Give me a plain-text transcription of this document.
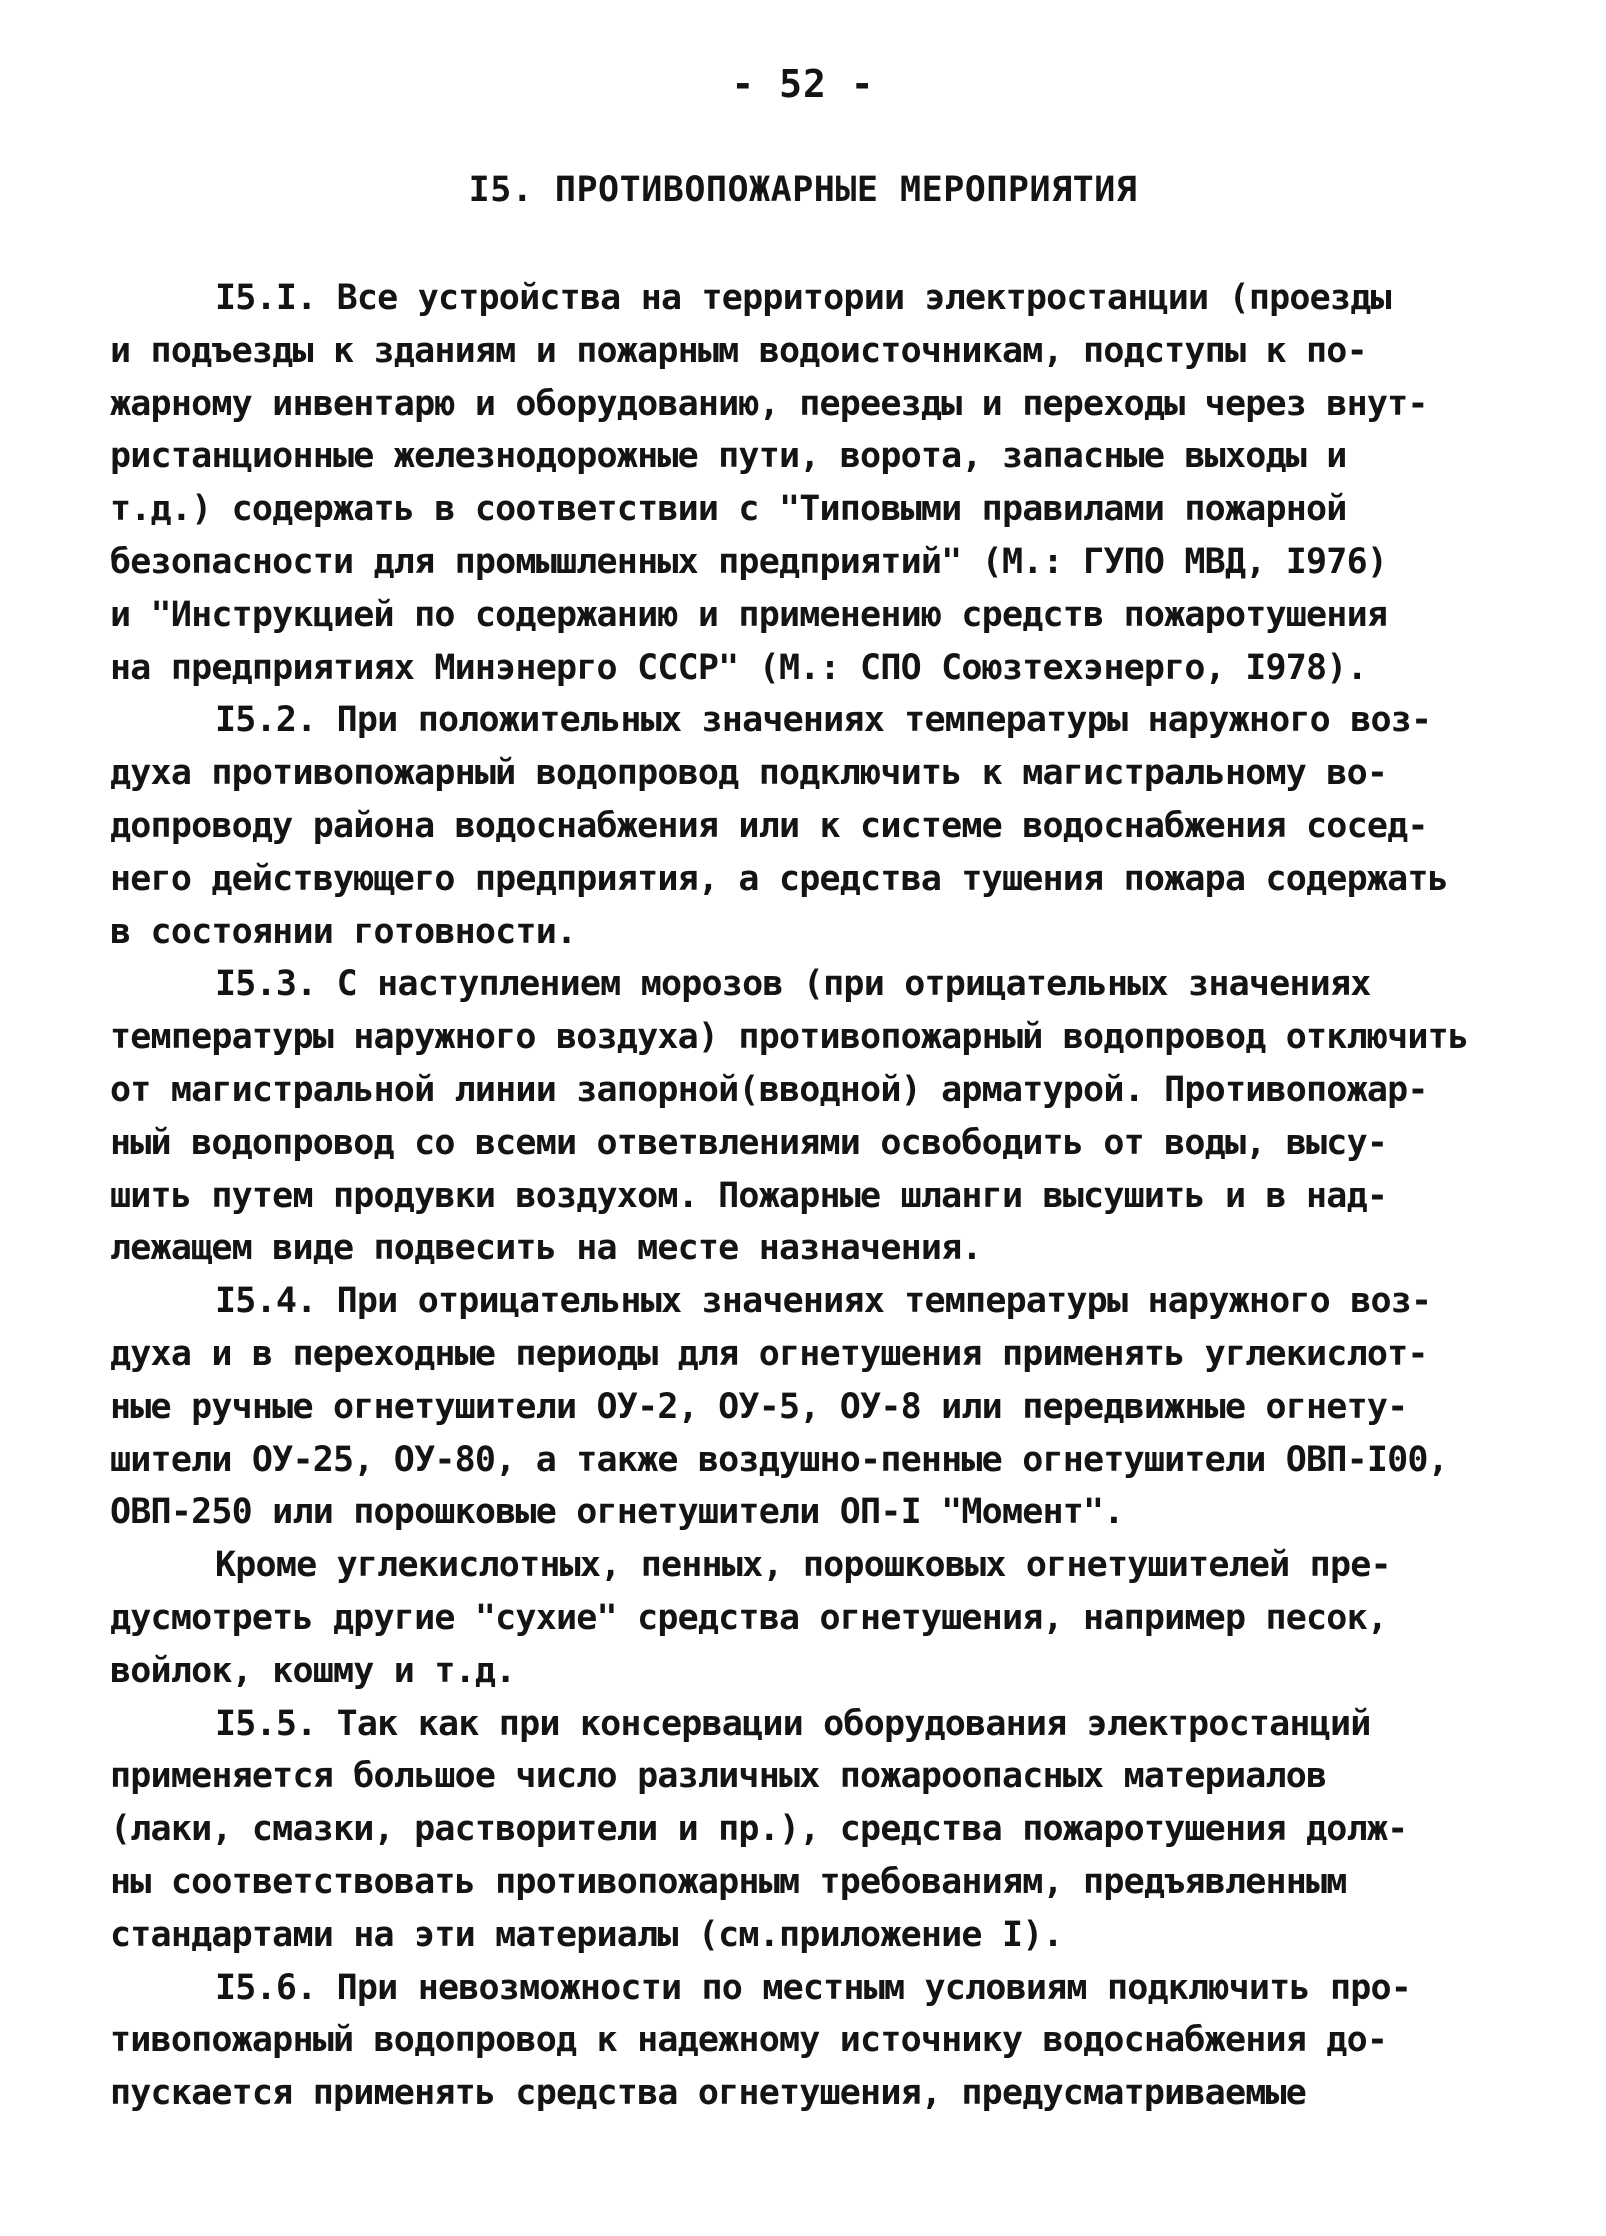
- 52 -
I5. ПРОТИВОПОЖАРНЫЕ МЕРОПРИЯТИЯ
I5.I. Все устройства на территории электростанции (проезды
и подъезды к зданиям и пожарным водоисточникам, подступы к по-
жарному инвентарю и оборудованию, переезды и переходы через внут-
ристанционные железнодорожные пути, ворота, запасные выходы и
т.д.) содержать в соответствии с "Типовыми правилами пожарной
безопасности для промышленных предприятий" (М.: ГУПО МВД, I976)
и "Инструкцией по содержанию и применению средств пожаротушения
на предприятиях Минэнерго СССР" (М.: СПО Союзтехэнерго, I978).
I5.2. При положительных значениях температуры наружного воз-
духа противопожарный водопровод подключить к магистральному во-
допроводу района водоснабжения или к системе водоснабжения сосед-
него действующего предприятия, а средства тушения пожара содержать
в состоянии готовности.
I5.3. С наступлением морозов (при отрицательных значениях
температуры наружного воздуха) противопожарный водопровод отключить
от магистральной линии запорной(вводной) арматурой. Противопожар-
ный водопровод со всеми ответвлениями освободить от воды, высу-
шить путем продувки воздухом. Пожарные шланги высушить и в над-
лежащем виде подвесить на месте назначения.
I5.4. При отрицательных значениях температуры наружного воз-
духа и в переходные периоды для огнетушения применять углекислот-
ные ручные огнетушители ОУ-2, ОУ-5, ОУ-8 или передвижные огнету-
шители ОУ-25, ОУ-80, а также воздушно-пенные огнетушители ОВП-I00,
ОВП-250 или порошковые огнетушители ОП-I "Момент".
Кроме углекислотных, пенных, порошковых огнетушителей пре-
дусмотреть другие "сухие" средства огнетушения, например песок,
войлок, кошму и т.д.
I5.5. Так как при консервации оборудования электростанций
применяется большое число различных пожароопасных материалов
(лаки, смазки, растворители и пр.), средства пожаротушения долж-
ны соответствовать противопожарным требованиям, предъявленным
стандартами на эти материалы (см.приложение I).
I5.6. При невозможности по местным условиям подключить про-
тивопожарный водопровод к надежному источнику водоснабжения до-
пускается применять средства огнетушения, предусматриваемые
